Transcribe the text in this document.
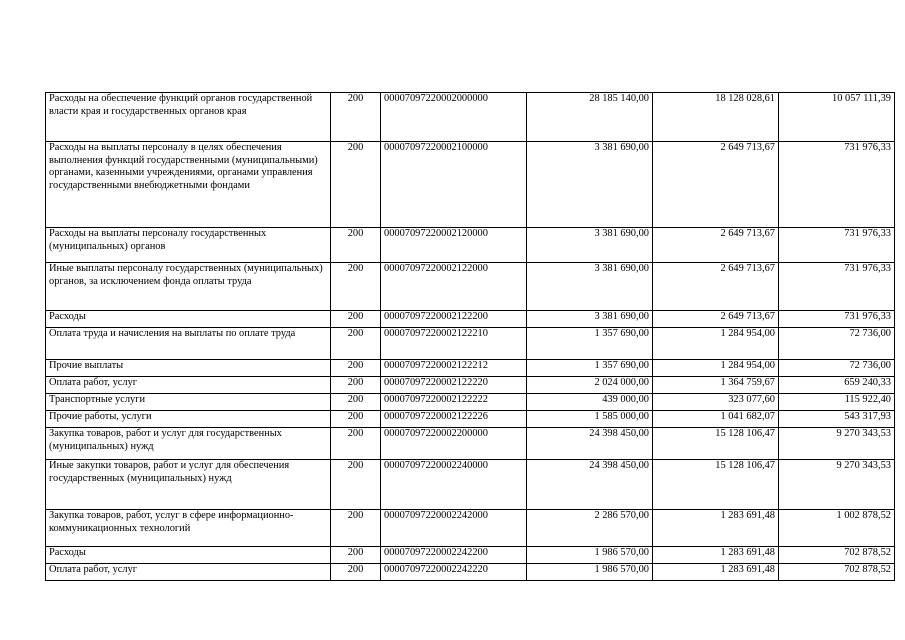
Расходы на обеспечение функций органов государственной власти края и государственных органов края	200	00007097220002000000	28 185 140,00	18 128 028,61	10 057 111,39
Расходы на выплаты персоналу в целях обеспечения выполнения функций государственными (муниципальными) органами, казенными учреждениями, органами управления государственными внебюджетными фондами	200	00007097220002100000	3 381 690,00	2 649 713,67	731 976,33
Расходы на выплаты персоналу государственных (муниципальных) органов	200	00007097220002120000	3 381 690,00	2 649 713,67	731 976,33
Иные выплаты персоналу государственных (муниципальных) органов, за исключением фонда оплаты труда	200	00007097220002122000	3 381 690,00	2 649 713,67	731 976,33
Расходы	200	00007097220002122200	3 381 690,00	2 649 713,67	731 976,33
Оплата труда и начисления на выплаты по оплате труда	200	00007097220002122210	1 357 690,00	1 284 954,00	72 736,00
Прочие выплаты	200	00007097220002122212	1 357 690,00	1 284 954,00	72 736,00
Оплата работ, услуг	200	00007097220002122220	2 024 000,00	1 364 759,67	659 240,33
Транспортные услуги	200	00007097220002122222	439 000,00	323 077,60	115 922,40
Прочие работы, услуги	200	00007097220002122226	1 585 000,00	1 041 682,07	543 317,93
Закупка товаров, работ и услуг для государственных (муниципальных) нужд	200	00007097220002200000	24 398 450,00	15 128 106,47	9 270 343,53
Иные закупки товаров, работ и услуг для обеспечения государственных (муниципальных) нужд	200	00007097220002240000	24 398 450,00	15 128 106,47	9 270 343,53
Закупка товаров, работ, услуг в сфере информационно-коммуникационных технологий	200	00007097220002242000	2 286 570,00	1 283 691,48	1 002 878,52
Расходы	200	00007097220002242200	1 986 570,00	1 283 691,48	702 878,52
Оплата работ, услуг	200	00007097220002242220	1 986 570,00	1 283 691,48	702 878,52
